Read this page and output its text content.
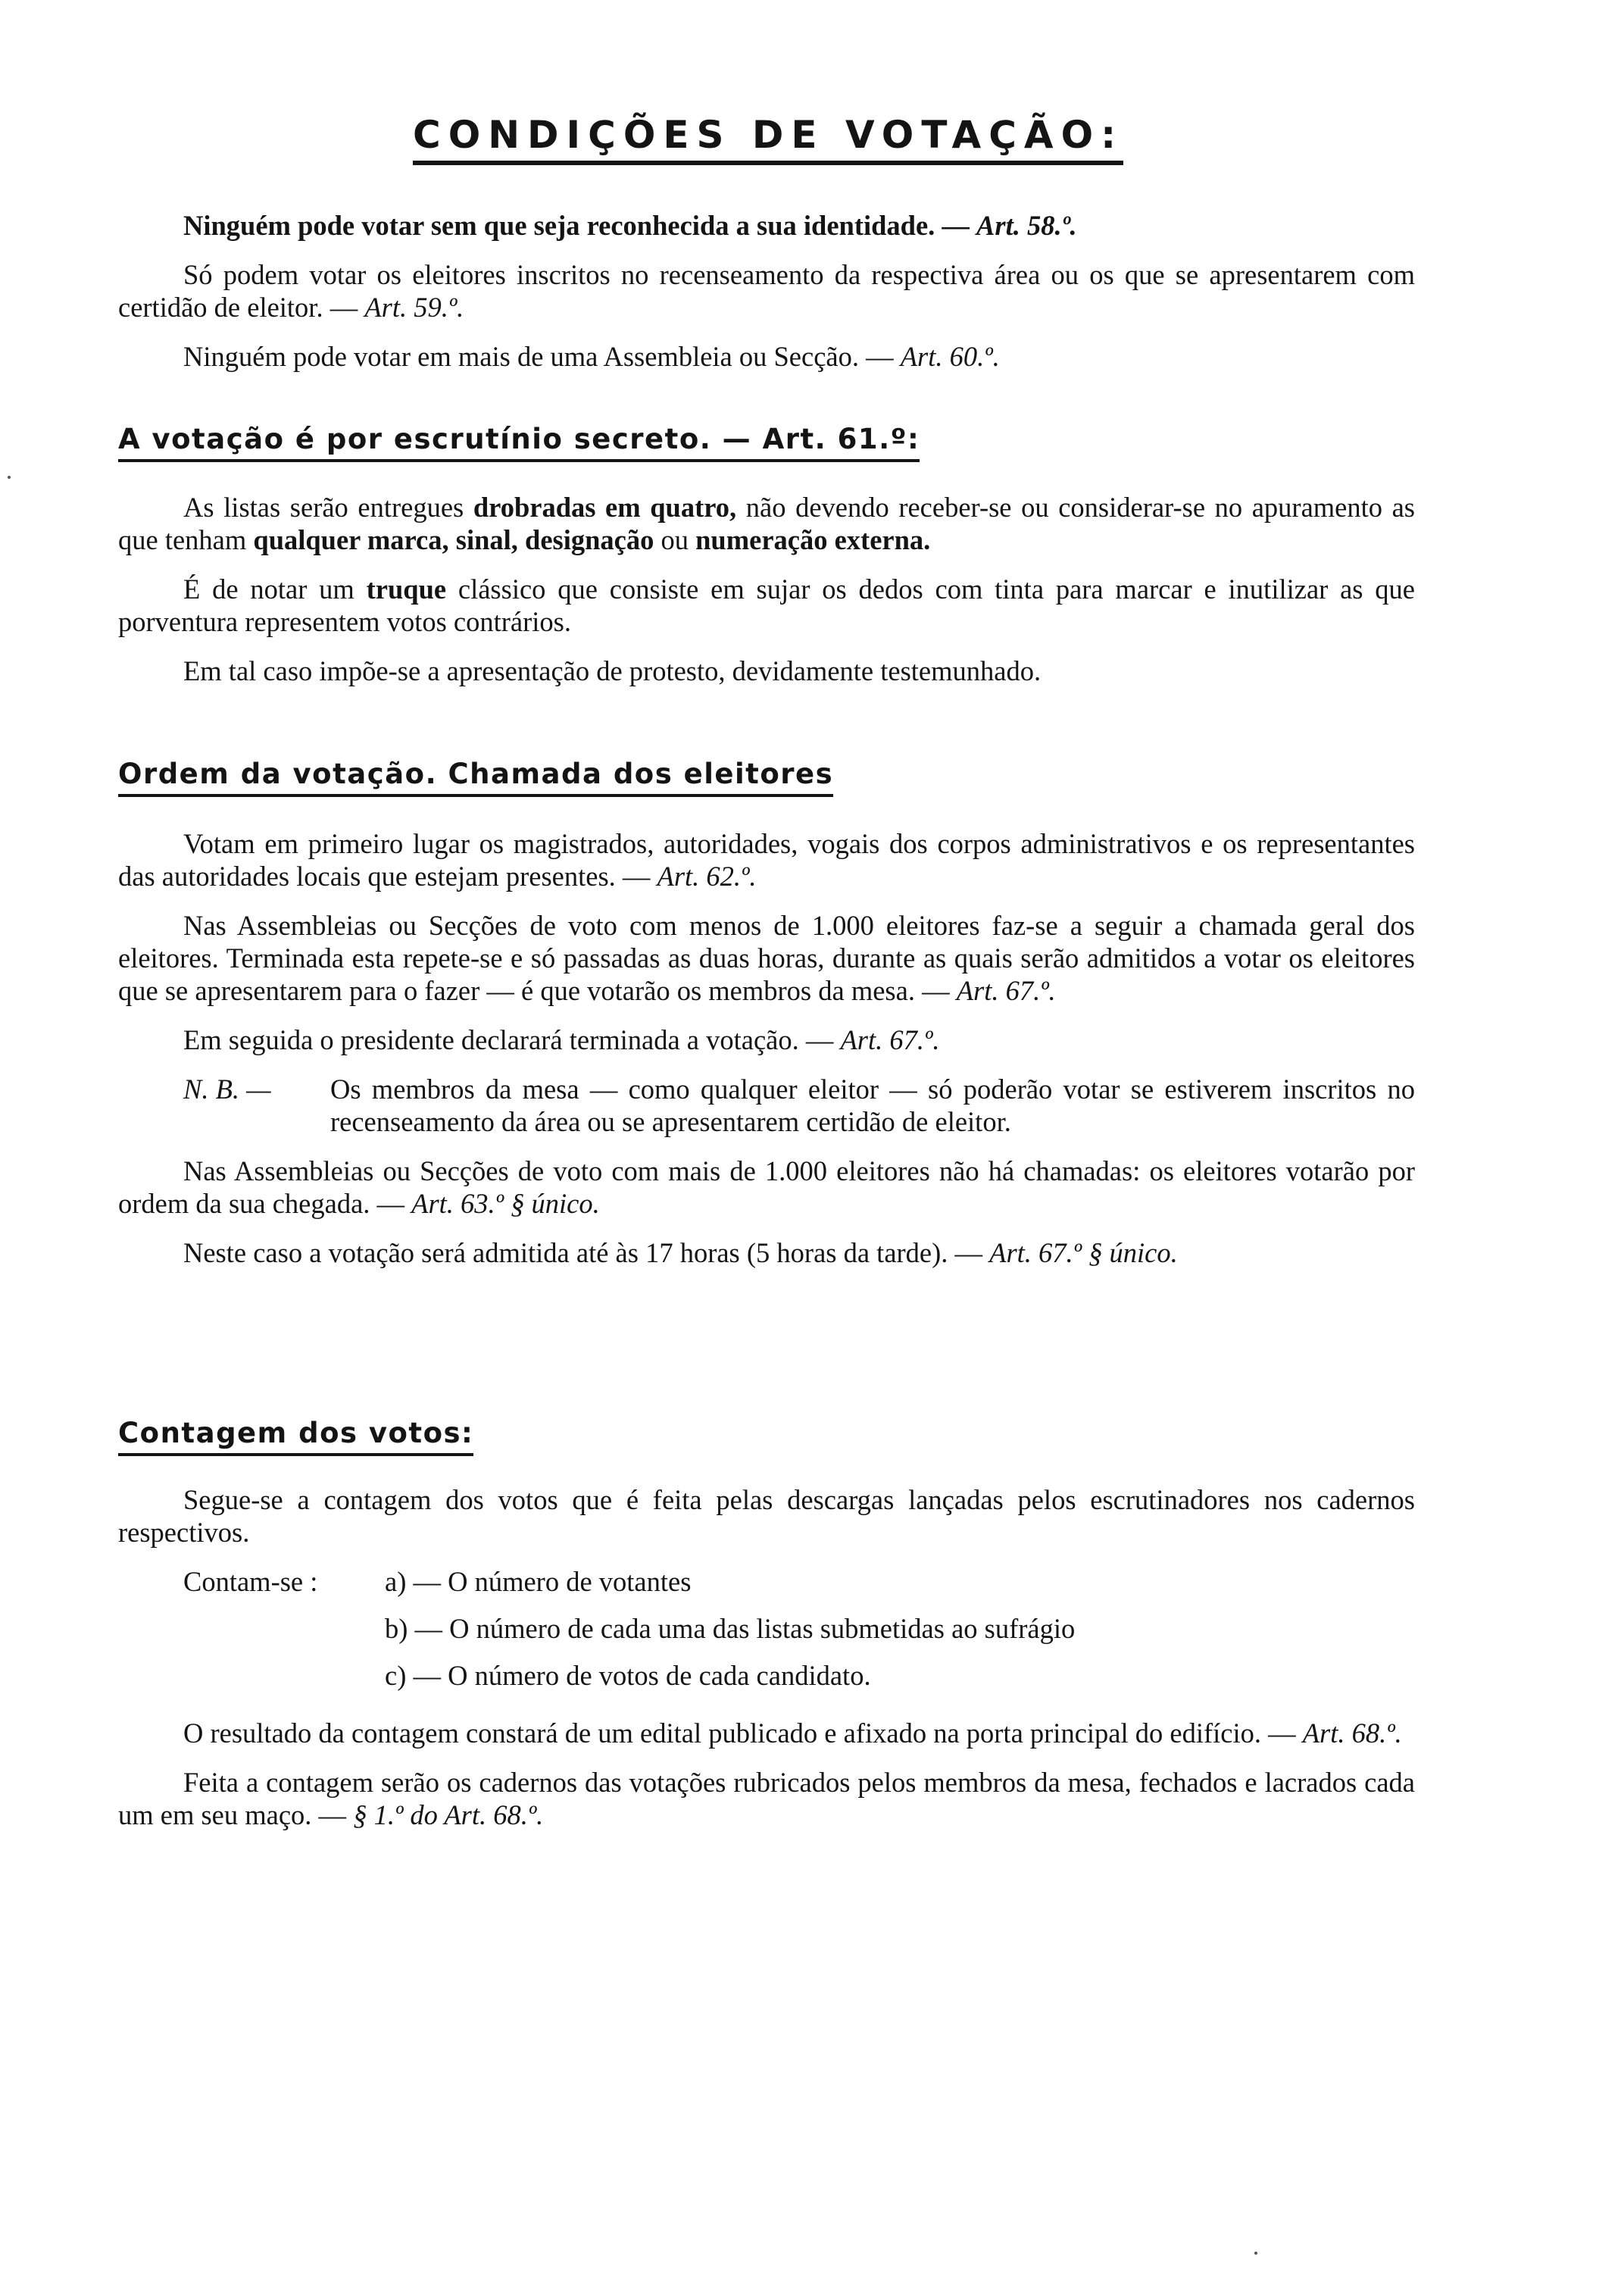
CONDIÇÕES DE VOTAÇÃO:

Ninguém pode votar sem que seja reconhecida a sua identidade. — Art. 58.º.

Só podem votar os eleitores inscritos no recenseamento da respectiva área ou os que se apresentarem com certidão de eleitor. — Art. 59.º.

Ninguém pode votar em mais de uma Assembleia ou Secção. — Art. 60.º.

A votação é por escrutínio secreto. — Art. 61.º:

As listas serão entregues drobradas em quatro, não devendo receber-se ou considerar-se no apuramento as que tenham qualquer marca, sinal, designação ou numeração externa.

É de notar um truque clássico que consiste em sujar os dedos com tinta para marcar e inutilizar as que porventura representem votos contrários.

Em tal caso impõe-se a apresentação de protesto, devidamente testemunhado.

Ordem da votação. Chamada dos eleitores

Votam em primeiro lugar os magistrados, autoridades, vogais dos corpos administrativos e os representantes das autoridades locais que estejam presentes. — Art. 62.º.

Nas Assembleias ou Secções de voto com menos de 1.000 eleitores faz-se a seguir a chamada geral dos eleitores. Terminada esta repete-se e só passadas as duas horas, durante as quais serão admitidos a votar os eleitores que se apresentarem para o fazer — é que votarão os membros da mesa. — Art. 67.º.

Em seguida o presidente declarará terminada a votação. — Art. 67.º.

N. B. — Os membros da mesa — como qualquer eleitor — só poderão votar se estiverem inscritos no recenseamento da área ou se apresentarem certidão de eleitor.

Nas Assembleias ou Secções de voto com mais de 1.000 eleitores não há chamadas: os eleitores votarão por ordem da sua chegada. — Art. 63.º § único.

Neste caso a votação será admitida até às 17 horas (5 horas da tarde). — Art. 67.º § único.

Contagem dos votos:

Segue-se a contagem dos votos que é feita pelas descargas lançadas pelos escrutinadores nos cadernos respectivos.

Contam-se : a) — O número de votantes
b) — O número de cada uma das listas submetidas ao sufrágio
c) — O número de votos de cada candidato.

O resultado da contagem constará de um edital publicado e afixado na porta principal do edifício. — Art. 68.º.

Feita a contagem serão os cadernos das votações rubricados pelos membros da mesa, fechados e lacrados cada um em seu maço. — § 1.º do Art. 68.º.
